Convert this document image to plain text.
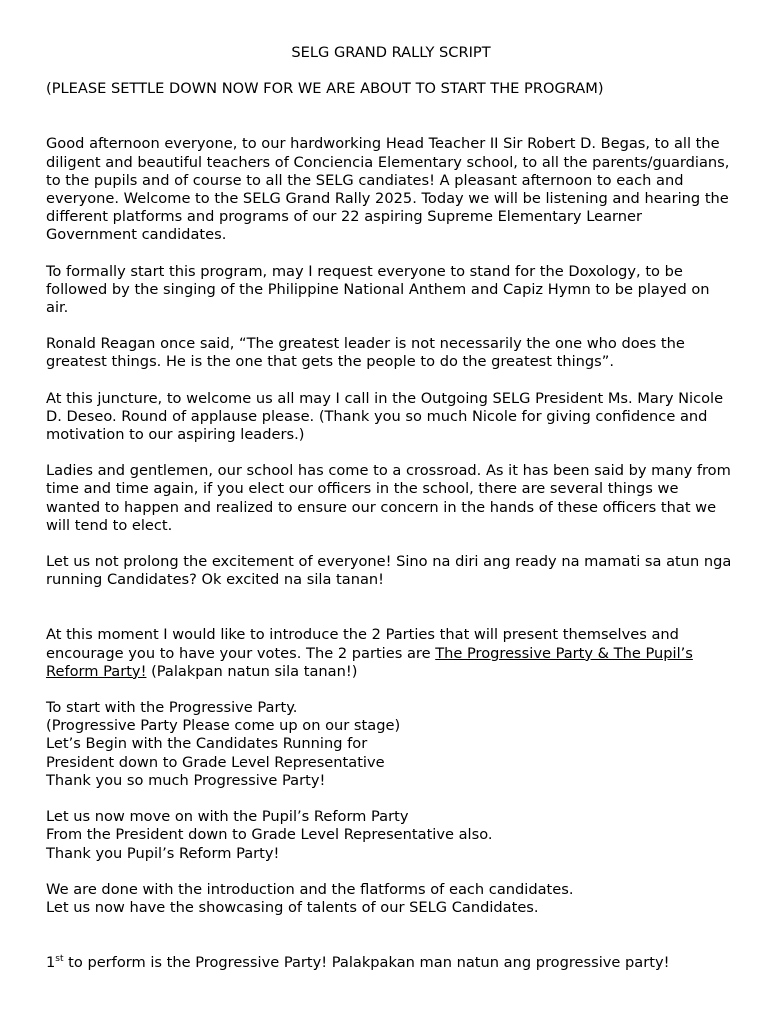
SELG GRAND RALLY SCRIPT
(PLEASE SETTLE DOWN NOW FOR WE ARE ABOUT TO START THE PROGRAM)
Good afternoon everyone, to our hardworking Head Teacher II Sir Robert D. Begas, to all the diligent and beautiful teachers of Conciencia Elementary school, to all the parents/guardians, to the pupils and of course to all the SELG candiates! A pleasant afternoon to each and everyone. Welcome to the SELG Grand Rally 2025. Today we will be listening and hearing the different platforms and programs of our 22 aspiring Supreme Elementary Learner Government candidates.
To formally start this program, may I request everyone to stand for the Doxology, to be followed by the singing of the Philippine National Anthem and Capiz Hymn to be played on air.
Ronald Reagan once said, “The greatest leader is not necessarily the one who does the greatest things. He is the one that gets the people to do the greatest things”.
At this juncture, to welcome us all may I call in the Outgoing SELG President Ms. Mary Nicole D. Deseo. Round of applause please. (Thank you so much Nicole for giving confidence and motivation to our aspiring leaders.)
Ladies and gentlemen, our school has come to a crossroad. As it has been said by many from time and time again, if you elect our officers in the school, there are several things we wanted to happen and realized to ensure our concern in the hands of these officers that we will tend to elect.
Let us not prolong the excitement of everyone! Sino na diri ang ready na mamati sa atun nga running Candidates? Ok excited na sila tanan!
At this moment I would like to introduce the 2 Parties that will present themselves and encourage you to have your votes. The 2 parties are The Progressive Party & The Pupil’s Reform Party! (Palakpan natun sila tanan!)
To start with the Progressive Party.
(Progressive Party Please come up on our stage)
Let’s Begin with the Candidates Running for
President down to Grade Level Representative
Thank you so much Progressive Party!
Let us now move on with the Pupil’s Reform Party
From the President down to Grade Level Representative also.
Thank you Pupil’s Reform Party!
We are done with the introduction and the flatforms of each candidates.
Let us now have the showcasing of talents of our SELG Candidates.
1st to perform is the Progressive Party! Palakpakan man natun ang progressive party!
